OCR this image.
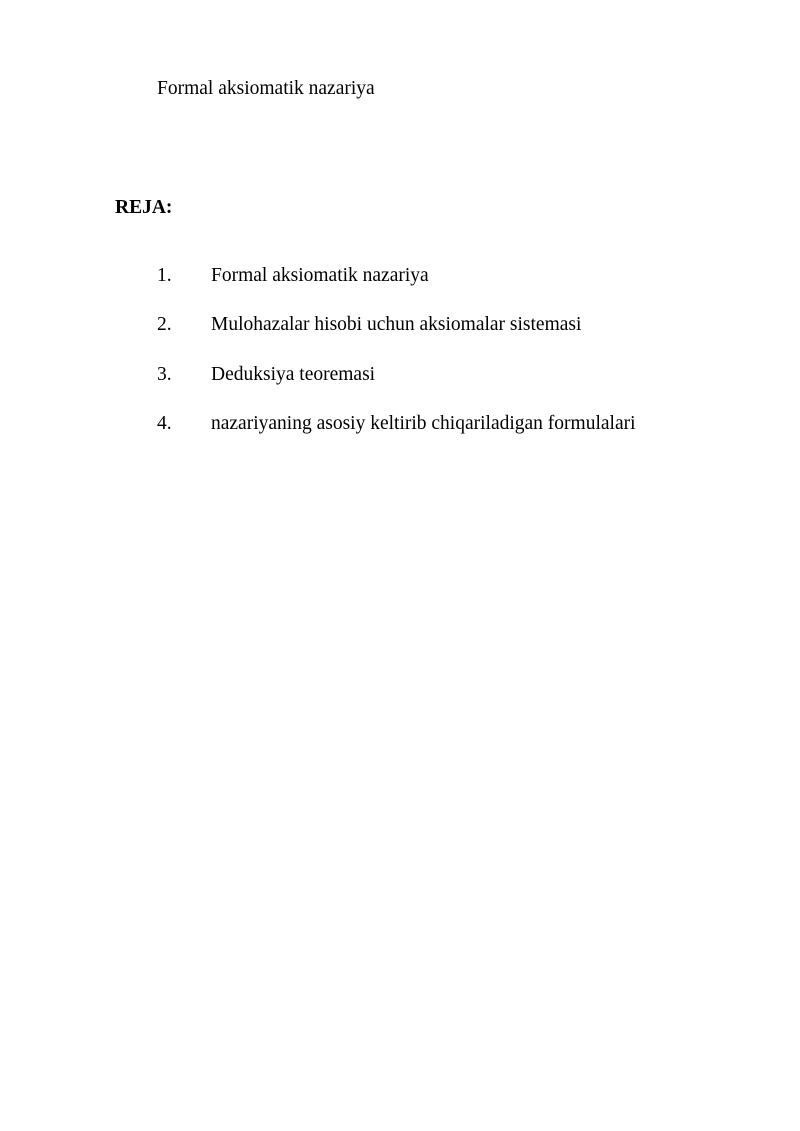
Formal aksiomatik nazariya
REJA:
1. Formal aksiomatik nazariya
2. Mulohazalar hisobi uchun aksiomalar sistemasi
3. Deduksiya teoremasi
4. nazariyaning asosiy keltirib chiqariladigan formulalari
